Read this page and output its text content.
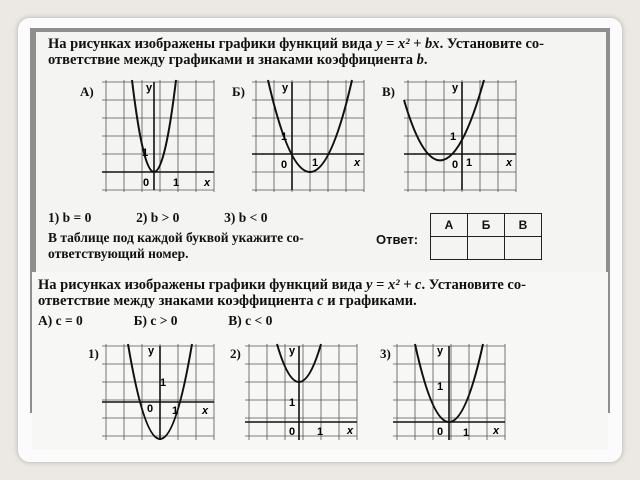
На рисунках изображены графики функций вида y = x² + bx. Установите со-
ответствие между графиками и знаками коэффициента b.
А)	Б)	В)
y
x
0 1
1
y
x
0 1
1
y
x
0 1
1
1) b = 0	2) b > 0	3) b < 0
В таблице под каждой буквой укажите со-
ответствующий номер.
Ответ:
А	Б	В

На рисунках изображены графики функций вида y = x² + c. Установите со-
ответствие между знаками коэффициента c и графиками.
А) c = 0	Б) c > 0	В) c < 0
1)	2)	3)
y
x
0 1
1
y
x
0 1
1
y
x
0 1
1
